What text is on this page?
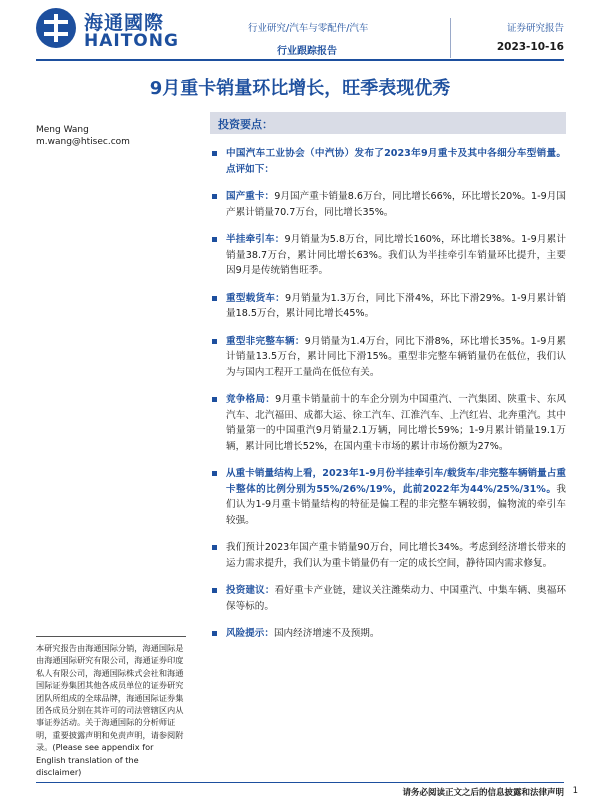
海通國際
HAITONG
行业研究/汽车与零配件/汽车
行业跟踪报告
证券研究报告
2023-10-16
9月重卡销量环比增长，旺季表现优秀
Meng Wang
m.wang@htisec.com
投资要点：
中国汽车工业协会（中汽协）发布了2023年9月重卡及其中各细分车型销量。点评如下：
国产重卡：9月国产重卡销量8.6万台，同比增长66%，环比增长20%。1-9月国产累计销量70.7万台，同比增长35%。
半挂牵引车：9月销量为5.8万台，同比增长160%，环比增长38%。1-9月累计销量38.7万台，累计同比增长63%。我们认为半挂牵引车销量环比提升，主要因9月是传统销售旺季。
重型载货车：9月销量为1.3万台，同比下滑4%，环比下滑29%。1-9月累计销量18.5万台，累计同比增长45%。
重型非完整车辆：9月销量为1.4万台，同比下滑8%，环比增长35%。1-9月累计销量13.5万台，累计同比下滑15%。重型非完整车辆销量仍在低位，我们认为与国内工程开工量尚在低位有关。
竞争格局：9月重卡销量前十的车企分别为中国重汽、一汽集团、陕重卡、东风汽车、北汽福田、成都大运、徐工汽车、江淮汽车、上汽红岩、北奔重汽。其中销量第一的中国重汽9月销量2.1万辆，同比增长59%；1-9月累计销量19.1万辆，累计同比增长52%，在国内重卡市场的累计市场份额为27%。
从重卡销量结构上看，2023年1-9月份半挂牵引车/载货车/非完整车辆销量占重卡整体的比例分别为55%/26%/19%，此前2022年为44%/25%/31%。我们认为1-9月重卡销量结构的特征是偏工程的非完整车辆较弱，偏物流的牵引车较强。
我们预计2023年国产重卡销量90万台，同比增长34%。考虑到经济增长带来的运力需求提升，我们认为重卡销量仍有一定的成长空间，静待国内需求修复。
投资建议：看好重卡产业链，建议关注潍柴动力、中国重汽、中集车辆、奥福环保等标的。
风险提示：国内经济增速不及预期。
本研究报告由海通国际分销，海通国际是由海通国际研究有限公司，海通证券印度私人有限公司，海通国际株式会社和海通国际证券集团其他各成员单位的证券研究团队所组成的全球品牌，海通国际证券集团各成员分别在其许可的司法管辖区内从事证券活动。关于海通国际的分析师证明，重要披露声明和免责声明，请参阅附录。(Please see appendix for English translation of the disclaimer)
请务必阅读正文之后的信息披露和法律声明 1
